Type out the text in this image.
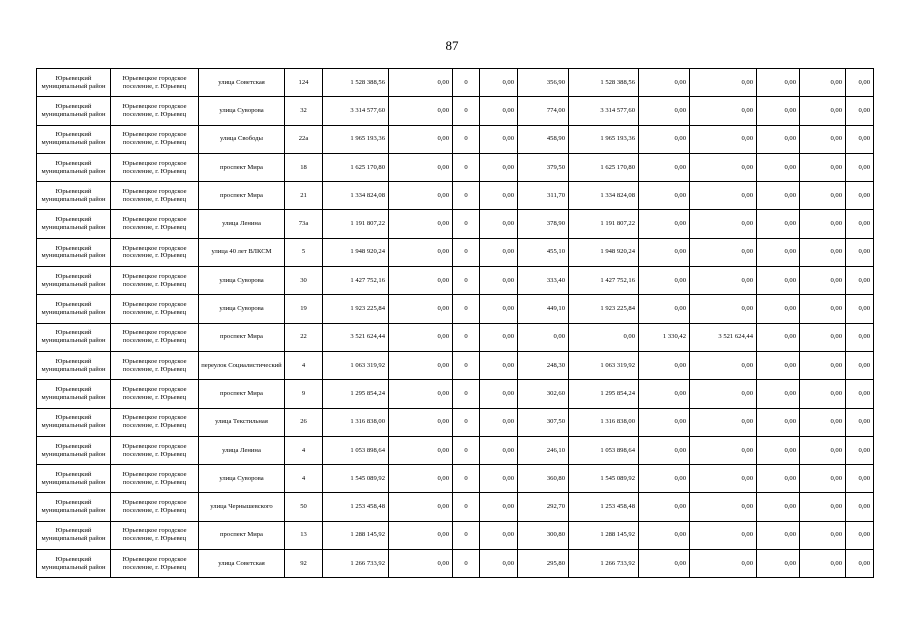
87
Юрьевецкий муниципальный район	Юрьевецкое городское поселение, г. Юрьевец	улица Советская	124	1 528 388,56	0,00	0	0,00	356,90	1 528 388,56	0,00	0,00	0,00	0,00	0,00
Юрьевецкий муниципальный район	Юрьевецкое городское поселение, г. Юрьевец	улица Суворова	32	3 314 577,60	0,00	0	0,00	774,00	3 314 577,60	0,00	0,00	0,00	0,00	0,00
Юрьевецкий муниципальный район	Юрьевецкое городское поселение, г. Юрьевец	улица Свободы	22а	1 965 193,36	0,00	0	0,00	458,90	1 965 193,36	0,00	0,00	0,00	0,00	0,00
Юрьевецкий муниципальный район	Юрьевецкое городское поселение, г. Юрьевец	проспект Мира	18	1 625 170,80	0,00	0	0,00	379,50	1 625 170,80	0,00	0,00	0,00	0,00	0,00
Юрьевецкий муниципальный район	Юрьевецкое городское поселение, г. Юрьевец	проспект Мира	21	1 334 824,08	0,00	0	0,00	311,70	1 334 824,08	0,00	0,00	0,00	0,00	0,00
Юрьевецкий муниципальный район	Юрьевецкое городское поселение, г. Юрьевец	улица Ленина	73а	1 191 807,22	0,00	0	0,00	378,90	1 191 807,22	0,00	0,00	0,00	0,00	0,00
Юрьевецкий муниципальный район	Юрьевецкое городское поселение, г. Юрьевец	улица 40 лет ВЛКСМ	5	1 948 920,24	0,00	0	0,00	455,10	1 948 920,24	0,00	0,00	0,00	0,00	0,00
Юрьевецкий муниципальный район	Юрьевецкое городское поселение, г. Юрьевец	улица Суворова	30	1 427 752,16	0,00	0	0,00	333,40	1 427 752,16	0,00	0,00	0,00	0,00	0,00
Юрьевецкий муниципальный район	Юрьевецкое городское поселение, г. Юрьевец	улица Суворова	19	1 923 225,84	0,00	0	0,00	449,10	1 923 225,84	0,00	0,00	0,00	0,00	0,00
Юрьевецкий муниципальный район	Юрьевецкое городское поселение, г. Юрьевец	проспект Мира	22	3 521 624,44	0,00	0	0,00	0,00	0,00	1 330,42	3 521 624,44	0,00	0,00	0,00
Юрьевецкий муниципальный район	Юрьевецкое городское поселение, г. Юрьевец	переулок Социалистический	4	1 063 319,92	0,00	0	0,00	248,30	1 063 319,92	0,00	0,00	0,00	0,00	0,00
Юрьевецкий муниципальный район	Юрьевецкое городское поселение, г. Юрьевец	проспект Мира	9	1 295 854,24	0,00	0	0,00	302,60	1 295 854,24	0,00	0,00	0,00	0,00	0,00
Юрьевецкий муниципальный район	Юрьевецкое городское поселение, г. Юрьевец	улица Текстильная	26	1 316 838,00	0,00	0	0,00	307,50	1 316 838,00	0,00	0,00	0,00	0,00	0,00
Юрьевецкий муниципальный район	Юрьевецкое городское поселение, г. Юрьевец	улица Ленина	4	1 053 898,64	0,00	0	0,00	246,10	1 053 898,64	0,00	0,00	0,00	0,00	0,00
Юрьевецкий муниципальный район	Юрьевецкое городское поселение, г. Юрьевец	улица Суворова	4	1 545 089,92	0,00	0	0,00	360,80	1 545 089,92	0,00	0,00	0,00	0,00	0,00
Юрьевецкий муниципальный район	Юрьевецкое городское поселение, г. Юрьевец	улица Чернышевского	50	1 253 458,48	0,00	0	0,00	292,70	1 253 458,48	0,00	0,00	0,00	0,00	0,00
Юрьевецкий муниципальный район	Юрьевецкое городское поселение, г. Юрьевец	проспект Мира	13	1 288 145,92	0,00	0	0,00	300,80	1 288 145,92	0,00	0,00	0,00	0,00	0,00
Юрьевецкий муниципальный район	Юрьевецкое городское поселение, г. Юрьевец	улица Советская	92	1 266 733,92	0,00	0	0,00	295,80	1 266 733,92	0,00	0,00	0,00	0,00	0,00
